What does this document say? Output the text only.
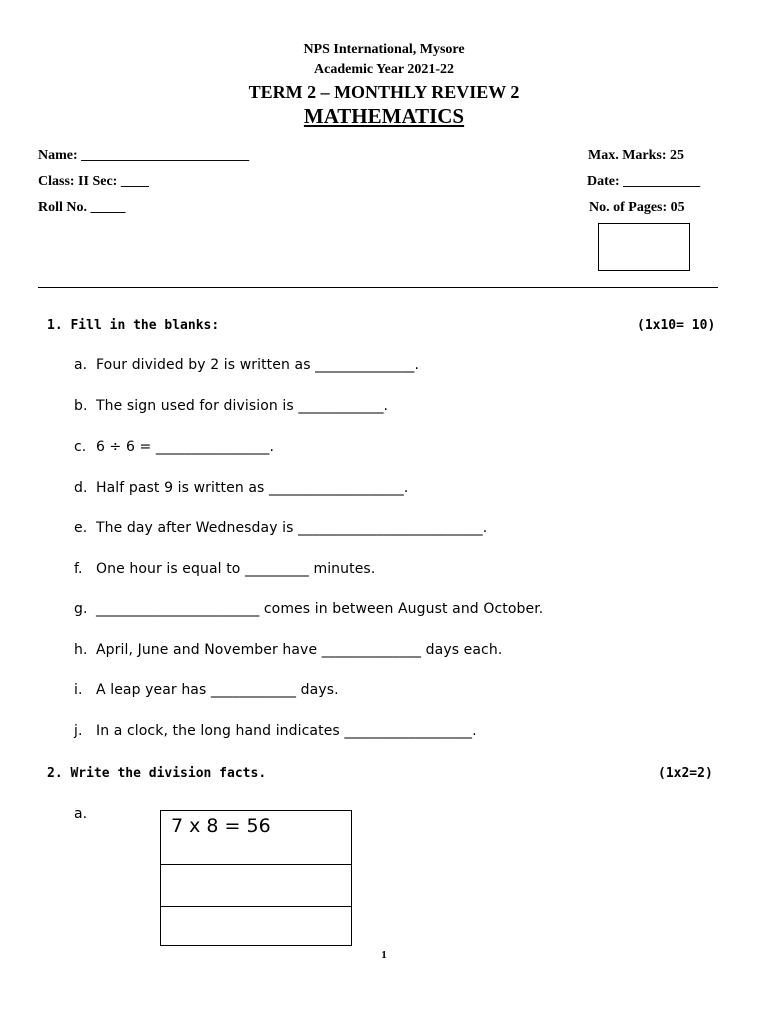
NPS International, Mysore
Academic Year 2021-22
TERM 2 – MONTHLY REVIEW 2
MATHEMATICS
Name: ________________________	Max. Marks: 25
Class: II Sec: ____	Date: ___________
Roll No. _____	No. of Pages: 05
1. Fill in the blanks:	(1x10= 10)
a. Four divided by 2 is written as ______________.
b. The sign used for division is ____________.
c. 6 ÷ 6 = ________________.
d. Half past 9 is written as ___________________.
e. The day after Wednesday is __________________________.
f. One hour is equal to _________ minutes.
g. _______________________ comes in between August and October.
h. April, June and November have ______________ days each.
i. A leap year has ____________ days.
j. In a clock, the long hand indicates __________________.
2. Write the division facts.	(1x2=2)
a.
7 x 8 = 56
1
